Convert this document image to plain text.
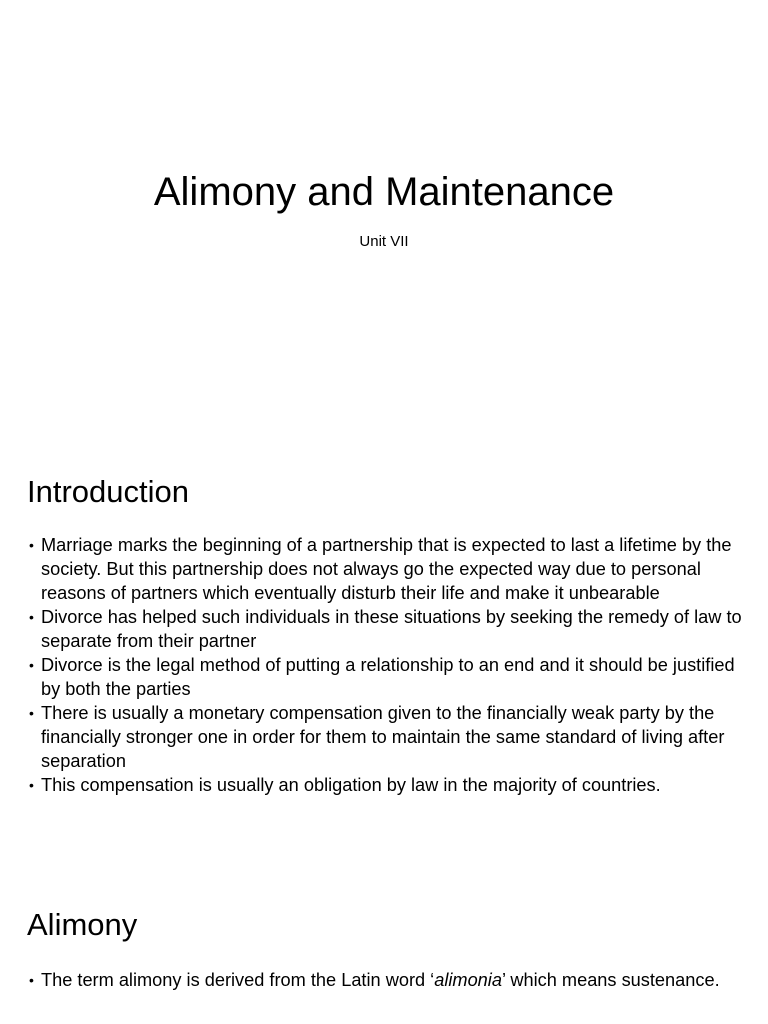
Alimony and Maintenance

Unit VII

Introduction
• Marriage marks the beginning of a partnership that is expected to last a lifetime by the society. But this partnership does not always go the expected way due to personal reasons of partners which eventually disturb their life and make it unbearable
• Divorce has helped such individuals in these situations by seeking the remedy of law to separate from their partner
• Divorce is the legal method of putting a relationship to an end and it should be justified by both the parties
• There is usually a monetary compensation given to the financially weak party by the financially stronger one in order for them to maintain the same standard of living after separation
• This compensation is usually an obligation by law in the majority of countries.
Alimony
• The term alimony is derived from the Latin word ‘alimonia’ which means sustenance.
